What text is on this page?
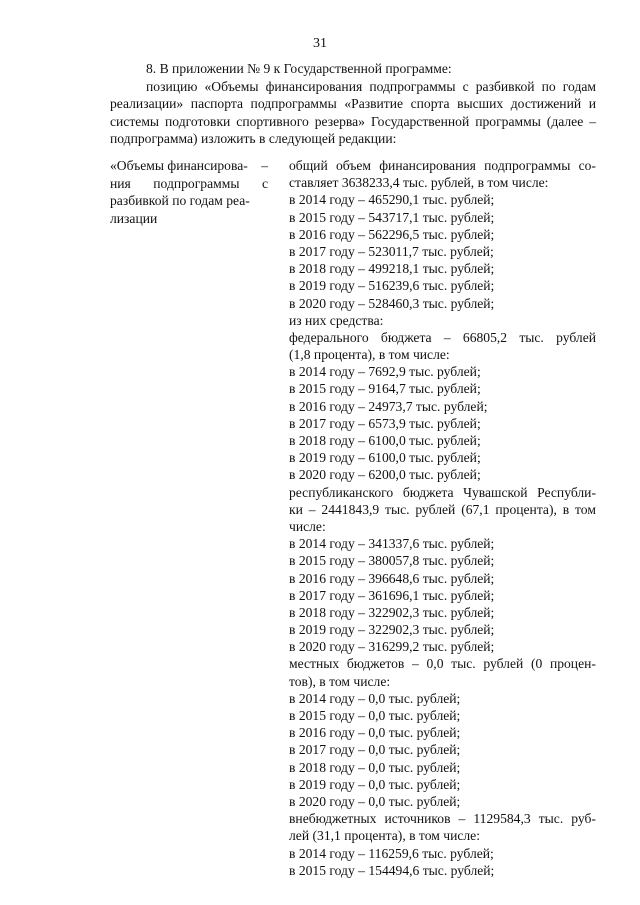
31

8. В приложении № 9 к Государственной программе:

позицию «Объемы финансирования подпрограммы с разбивкой по годам реализации» паспорта подпрограммы «Развитие спорта высших достижений и системы подготовки спортивного резерва» Государственной программы (далее – подпрограмма) изложить в следующей редакции:

«Объемы финансирова- –
ния подпрограммы с
разбивкой по годам реа-
лизации
общий объем финансирования подпрограммы со-
ставляет 3638233,4 тыс. рублей, в том числе:
в 2014 году – 465290,1 тыс. рублей;
в 2015 году – 543717,1 тыс. рублей;
в 2016 году – 562296,5 тыс. рублей;
в 2017 году – 523011,7 тыс. рублей;
в 2018 году – 499218,1 тыс. рублей;
в 2019 году – 516239,6 тыс. рублей;
в 2020 году – 528460,3 тыс. рублей;
из них средства:
федерального бюджета – 66805,2 тыс. рублей
(1,8 процента), в том числе:
в 2014 году – 7692,9 тыс. рублей;
в 2015 году – 9164,7 тыс. рублей;
в 2016 году – 24973,7 тыс. рублей;
в 2017 году – 6573,9 тыс. рублей;
в 2018 году – 6100,0 тыс. рублей;
в 2019 году – 6100,0 тыс. рублей;
в 2020 году – 6200,0 тыс. рублей;
республиканского бюджета Чувашской Республи-
ки – 2441843,9 тыс. рублей (67,1 процента), в том
числе:
в 2014 году – 341337,6 тыс. рублей;
в 2015 году – 380057,8 тыс. рублей;
в 2016 году – 396648,6 тыс. рублей;
в 2017 году – 361696,1 тыс. рублей;
в 2018 году – 322902,3 тыс. рублей;
в 2019 году – 322902,3 тыс. рублей;
в 2020 году – 316299,2 тыс. рублей;
местных бюджетов – 0,0 тыс. рублей (0 процен-
тов), в том числе:
в 2014 году – 0,0 тыс. рублей;
в 2015 году – 0,0 тыс. рублей;
в 2016 году – 0,0 тыс. рублей;
в 2017 году – 0,0 тыс. рублей;
в 2018 году – 0,0 тыс. рублей;
в 2019 году – 0,0 тыс. рублей;
в 2020 году – 0,0 тыс. рублей;
внебюджетных источников – 1129584,3 тыс. руб-
лей (31,1 процента), в том числе:
в 2014 году – 116259,6 тыс. рублей;
в 2015 году – 154494,6 тыс. рублей;
